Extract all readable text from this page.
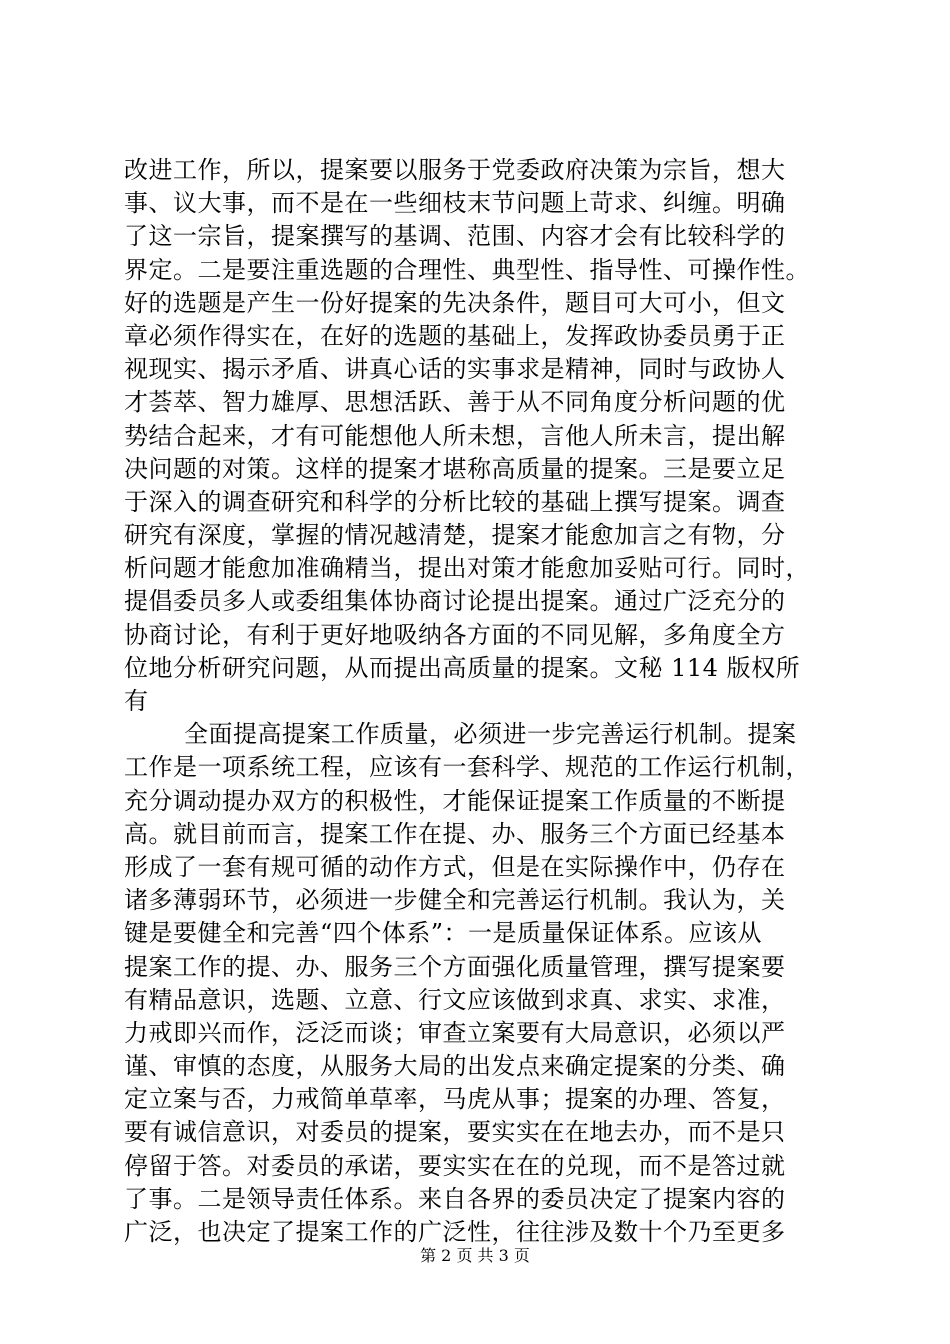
改进工作，所以，提案要以服务于党委政府决策为宗旨，想大
事、议大事，而不是在一些细枝末节问题上苛求、纠缠。明确
了这一宗旨，提案撰写的基调、范围、内容才会有比较科学的
界定。二是要注重选题的合理性、典型性、指导性、可操作性。
好的选题是产生一份好提案的先决条件，题目可大可小，但文
章必须作得实在，在好的选题的基础上，发挥政协委员勇于正
视现实、揭示矛盾、讲真心话的实事求是精神，同时与政协人
才荟萃、智力雄厚、思想活跃、善于从不同角度分析问题的优
势结合起来，才有可能想他人所未想，言他人所未言，提出解
决问题的对策。这样的提案才堪称高质量的提案。三是要立足
于深入的调查研究和科学的分析比较的基础上撰写提案。调查
研究有深度，掌握的情况越清楚，提案才能愈加言之有物，分
析问题才能愈加准确精当，提出对策才能愈加妥贴可行。同时，
提倡委员多人或委组集体协商讨论提出提案。通过广泛充分的
协商讨论，有利于更好地吸纳各方面的不同见解，多角度全方
位地分析研究问题，从而提出高质量的提案。文秘 114 版权所
有
全面提高提案工作质量，必须进一步完善运行机制。提案
工作是一项系统工程，应该有一套科学、规范的工作运行机制，
充分调动提办双方的积极性，才能保证提案工作质量的不断提
高。就目前而言，提案工作在提、办、服务三个方面已经基本
形成了一套有规可循的动作方式，但是在实际操作中，仍存在
诸多薄弱环节，必须进一步健全和完善运行机制。我认为，关
键是要健全和完善“四个体系”：一是质量保证体系。应该从
提案工作的提、办、服务三个方面强化质量管理，撰写提案要
有精品意识，选题、立意、行文应该做到求真、求实、求准，
力戒即兴而作，泛泛而谈；审查立案要有大局意识，必须以严
谨、审慎的态度，从服务大局的出发点来确定提案的分类、确
定立案与否，力戒简单草率，马虎从事；提案的办理、答复，
要有诚信意识，对委员的提案，要实实在在地去办，而不是只
停留于答。对委员的承诺，要实实在在的兑现，而不是答过就
了事。二是领导责任体系。来自各界的委员决定了提案内容的
广泛，也决定了提案工作的广泛性，往往涉及数十个乃至更多
第 2 页 共 3 页
